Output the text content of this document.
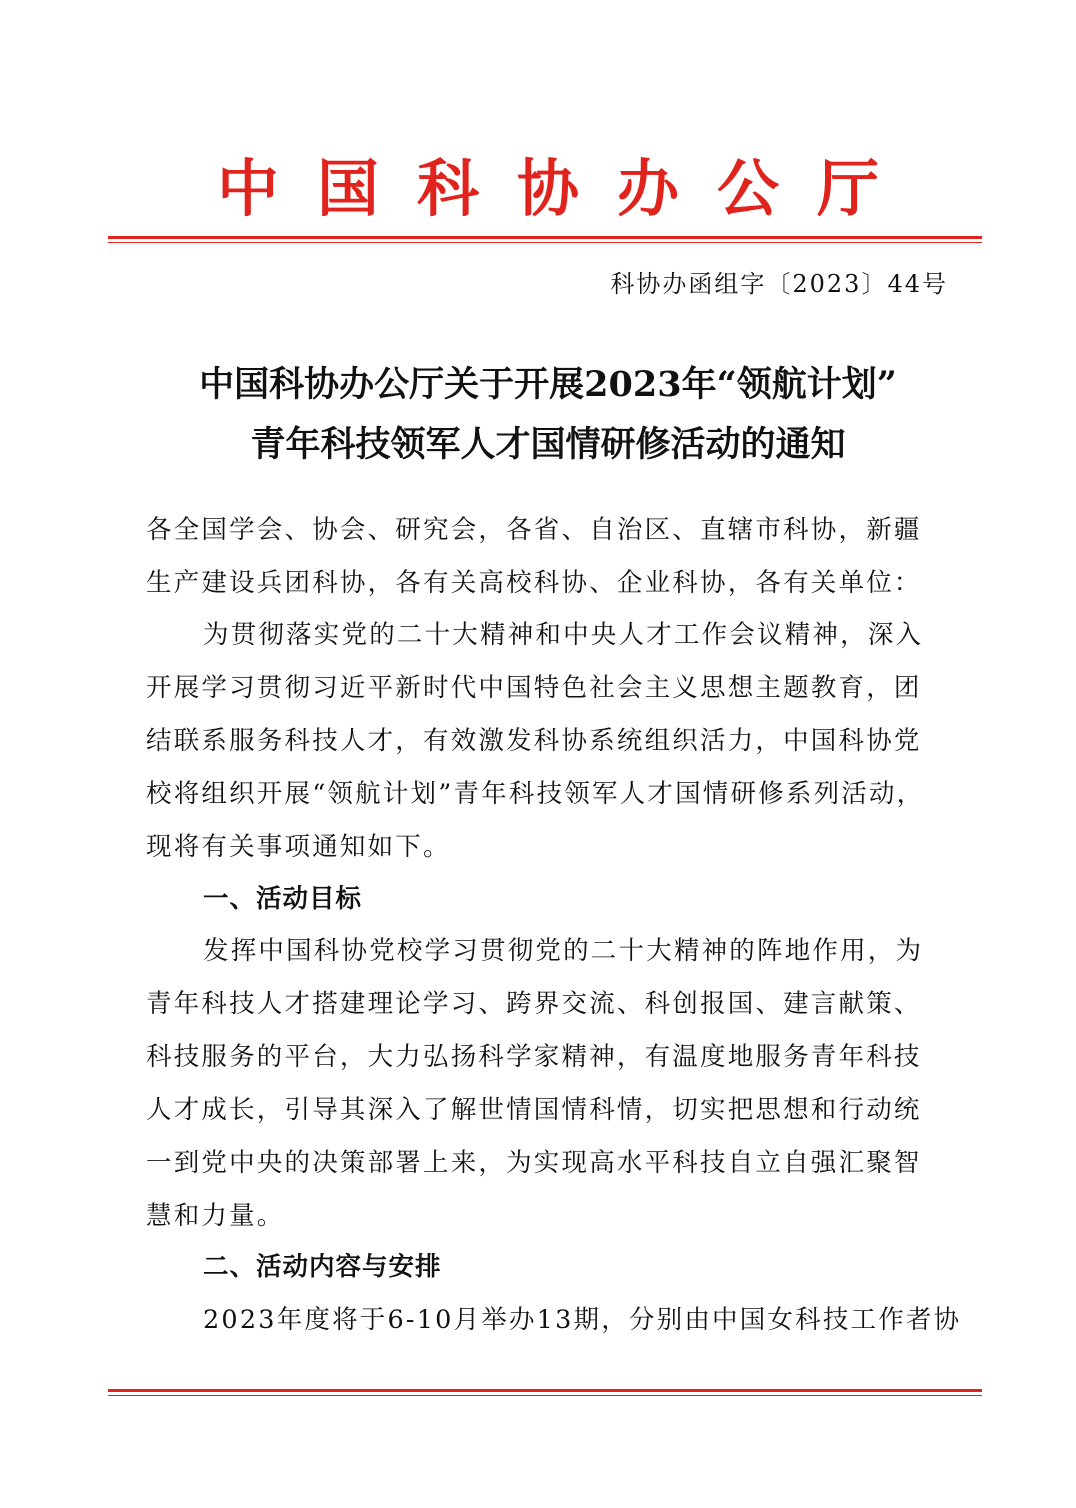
中国科协办公厅
科协办函组字〔2023〕44号
中国科协办公厅关于开展2023年“领航计划”
青年科技领军人才国情研修活动的通知

各全国学会、协会、研究会，各省、自治区、直辖市科协，新疆

生产建设兵团科协，各有关高校科协、企业科协，各有关单位：

为贯彻落实党的二十大精神和中央人才工作会议精神，深入

开展学习贯彻习近平新时代中国特色社会主义思想主题教育，团

结联系服务科技人才，有效激发科协系统组织活力，中国科协党

校将组织开展“领航计划”青年科技领军人才国情研修系列活动，

现将有关事项通知如下。

一、活动目标

发挥中国科协党校学习贯彻党的二十大精神的阵地作用，为

青年科技人才搭建理论学习、跨界交流、科创报国、建言献策、

科技服务的平台，大力弘扬科学家精神，有温度地服务青年科技

人才成长，引导其深入了解世情国情科情，切实把思想和行动统

一到党中央的决策部署上来，为实现高水平科技自立自强汇聚智

慧和力量。

二、活动内容与安排

2023年度将于6-10月举办13期，分别由中国女科技工作者协
